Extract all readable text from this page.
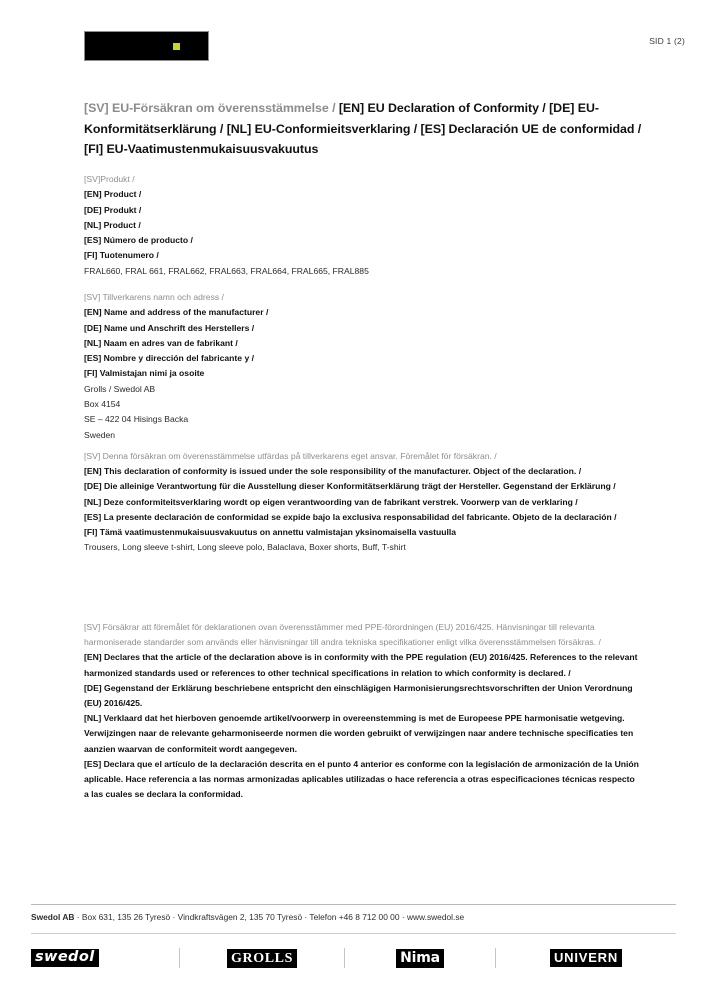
SID 1 (2)
[SV] EU-Försäkran om överensstämmelse / [EN] EU Declaration of Conformity / [DE] EU-Konformitätserklärung / [NL] EU-Conformieitsverklaring / [ES] Declaración UE de conformidad / [FI] EU-Vaatimustenmukaisuusvakuutus
[SV]Produkt /
[EN] Product /
[DE] Produkt /
[NL] Product /
[ES] Número de producto /
[FI] Tuotenumero /
FRAL660, FRAL 661, FRAL662, FRAL663, FRAL664, FRAL665, FRAL885
[SV] Tillverkarens namn och adress /
[EN] Name and address of the manufacturer /
[DE] Name und Anschrift des Herstellers /
[NL] Naam en adres van de fabrikant /
[ES] Nombre y dirección del fabricante y /
[FI] Valmistajan nimi ja osoite
Grolls / Swedol AB
Box 4154
SE – 422 04 Hisings Backa
Sweden

[SV] Denna försäkran om överensstämmelse utfärdas på tillverkarens eget ansvar. Föremålet för försäkran. /

[EN] This declaration of conformity is issued under the sole responsibility of the manufacturer. Object of the declaration. /

[DE] Die alleinige Verantwortung für die Ausstellung dieser Konformitätserklärung trägt der Hersteller. Gegenstand der Erklärung /

[NL] Deze conformiteitsverklaring wordt op eigen verantwoording van de fabrikant verstrek. Voorwerp van de verklaring /

[ES] La presente declaración de conformidad se expide bajo la exclusiva responsabilidad del fabricante. Objeto de la declaración /

[FI] Tämä vaatimustenmukaisuusvakuutus on annettu valmistajan yksinomaisella vastuulla

Trousers, Long sleeve t-shirt, Long sleeve polo, Balaclava, Boxer shorts, Buff, T-shirt

[SV] Försäkrar att föremålet för deklarationen ovan överensstämmer med PPE-förordningen (EU) 2016/425. Hänvisningar till relevanta harmoniserade standarder som används eller hänvisningar till andra tekniska specifikationer enligt vilka överensstämmelsen försäkras. /

[EN] Declares that the article of the declaration above is in conformity with the PPE regulation (EU) 2016/425. References to the relevant harmonized standards used or references to other technical specifications in relation to which conformity is declared. /

[DE] Gegenstand der Erklärung beschriebene entspricht den einschlägigen Harmonisierungsrechtsvorschriften der Union Verordnung (EU) 2016/425.

[NL] Verklaard dat het hierboven genoemde artikel/voorwerp in overeenstemming is met de Europeese PPE harmonisatie wetgeving. Verwijzingen naar de relevante geharmoniseerde normen die worden gebruikt of verwijzingen naar andere technische specificaties ten aanzien waarvan de conformiteit wordt aangegeven.

[ES] Declara que el artículo de la declaración descrita en el punto 4 anterior es conforme con la legislación de armonización de la Unión aplicable. Hace referencia a las normas armonizadas aplicables utilizadas o hace referencia a otras especificaciones técnicas respecto a las cuales se declara la conformidad.

Swedol AB · Box 631, 135 26 Tyresö · Vindkraftsvägen 2, 135 70 Tyresö · Telefon +46 8 712 00 00 · www.swedol.se
swedol	GROLLS	Nima	UNIVERN
